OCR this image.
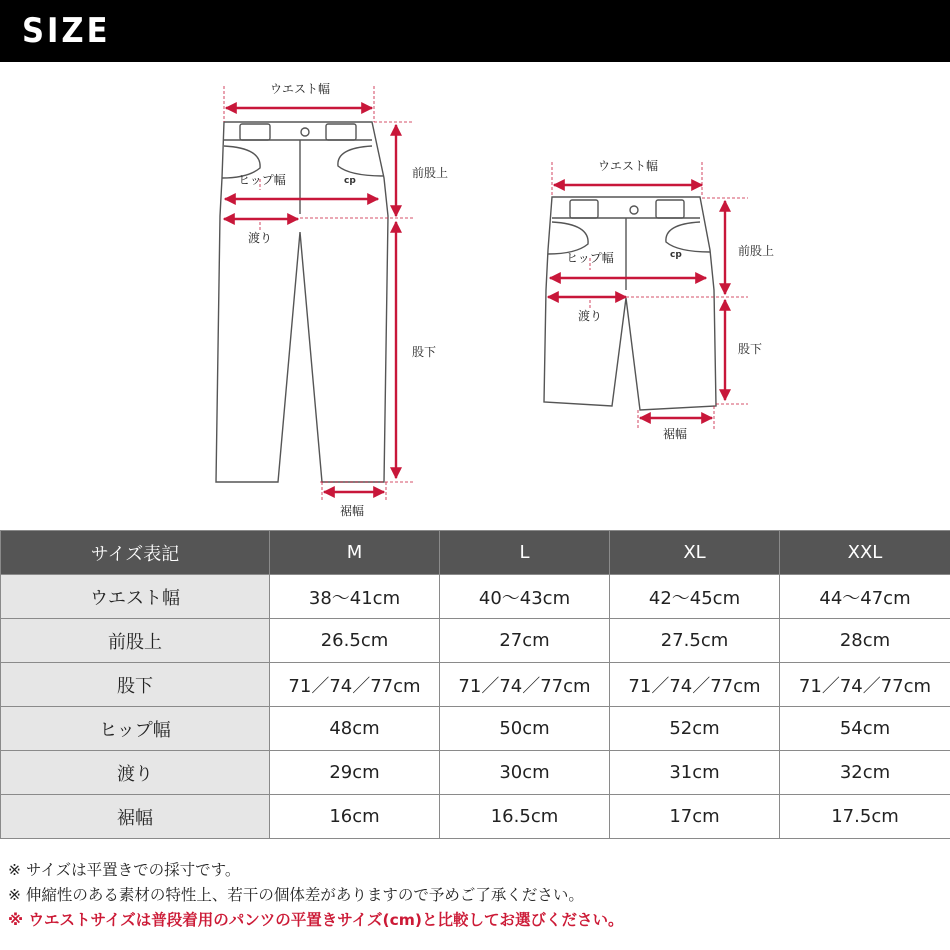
SIZE
cp
ウエスト幅
ヒップ幅
渡り
前股上
股下
裾幅
cp
ウエスト幅
ヒップ幅
渡り
前股上
股下
裾幅
サイズ表記	M	L	XL	XXL
ウエスト幅	38～41cm	40～43cm	42～45cm	44～47cm
前股上	26.5cm	27cm	27.5cm	28cm
股下	71／74／77cm	71／74／77cm	71／74／77cm	71／74／77cm
ヒップ幅	48cm	50cm	52cm	54cm
渡り	29cm	30cm	31cm	32cm
裾幅	16cm	16.5cm	17cm	17.5cm
※ サイズは平置きでの採寸です。
※ 伸縮性のある素材の特性上、若干の個体差がありますので予めご了承ください。
※ ウエストサイズは普段着用のパンツの平置きサイズ(cm)と比較してお選びください。
